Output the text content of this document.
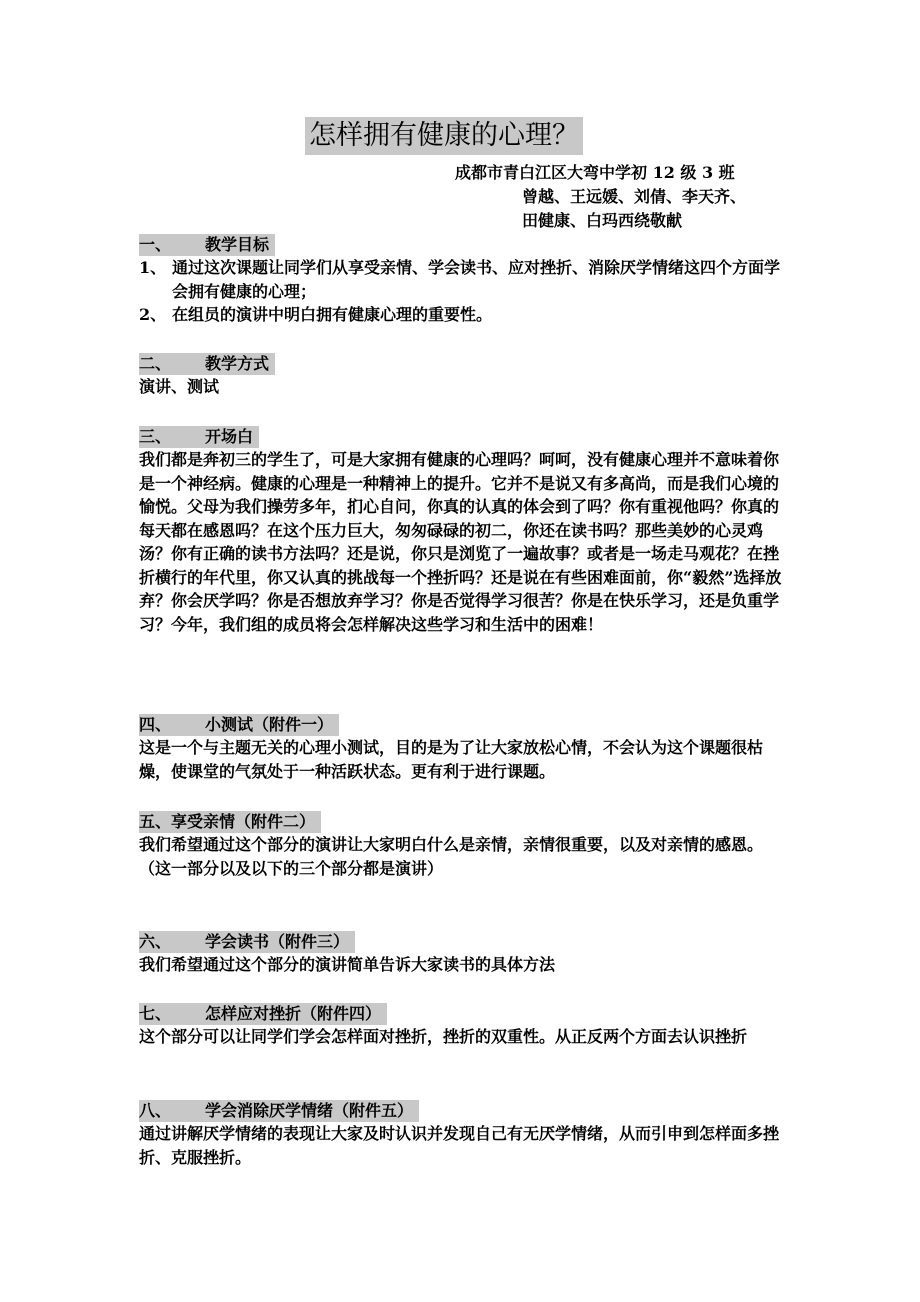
怎样拥有健康的心理？
成都市青白江区大弯中学初 12 级 3 班
曾越、王远媛、刘倩、李天齐、
田健康、白玛西绕敬献
一、 教学目标
1、 通过这次课题让同学们从享受亲情、学会读书、应对挫折、消除厌学情绪这四个方面学会拥有健康的心理；
2、 在组员的演讲中明白拥有健康心理的重要性。
二、 教学方式

演讲、测试

三、 开场白

我们都是奔初三的学生了，可是大家拥有健康的心理吗？呵呵，没有健康心理并不意味着你是一个神经病。健康的心理是一种精神上的提升。它并不是说又有多高尚，而是我们心境的愉悦。父母为我们操劳多年，扪心自问，你真的认真的体会到了吗？你有重视他吗？你真的每天都在感恩吗？在这个压力巨大，匆匆碌碌的初二，你还在读书吗？那些美妙的心灵鸡汤？你有正确的读书方法吗？还是说，你只是浏览了一遍故事？或者是一场走马观花？在挫折横行的年代里，你又认真的挑战每一个挫折吗？还是说在有些困难面前，你“毅然”选择放弃？你会厌学吗？你是否想放弃学习？你是否觉得学习很苦？你是在快乐学习，还是负重学习？今年，我们组的成员将会怎样解决这些学习和生活中的困难！

四、 小测试（附件一）

这是一个与主题无关的心理小测试，目的是为了让大家放松心情，不会认为这个课题很枯燥，使课堂的气氛处于一种活跃状态。更有利于进行课题。

五、享受亲情（附件二）

我们希望通过这个部分的演讲让大家明白什么是亲情，亲情很重要，以及对亲情的感恩。

（这一部分以及以下的三个部分都是演讲）

六、 学会读书（附件三）

我们希望通过这个部分的演讲简单告诉大家读书的具体方法

七、 怎样应对挫折（附件四）

这个部分可以让同学们学会怎样面对挫折，挫折的双重性。从正反两个方面去认识挫折

八、 学会消除厌学情绪（附件五）

通过讲解厌学情绪的表现让大家及时认识并发现自己有无厌学情绪，从而引申到怎样面多挫折、克服挫折。
